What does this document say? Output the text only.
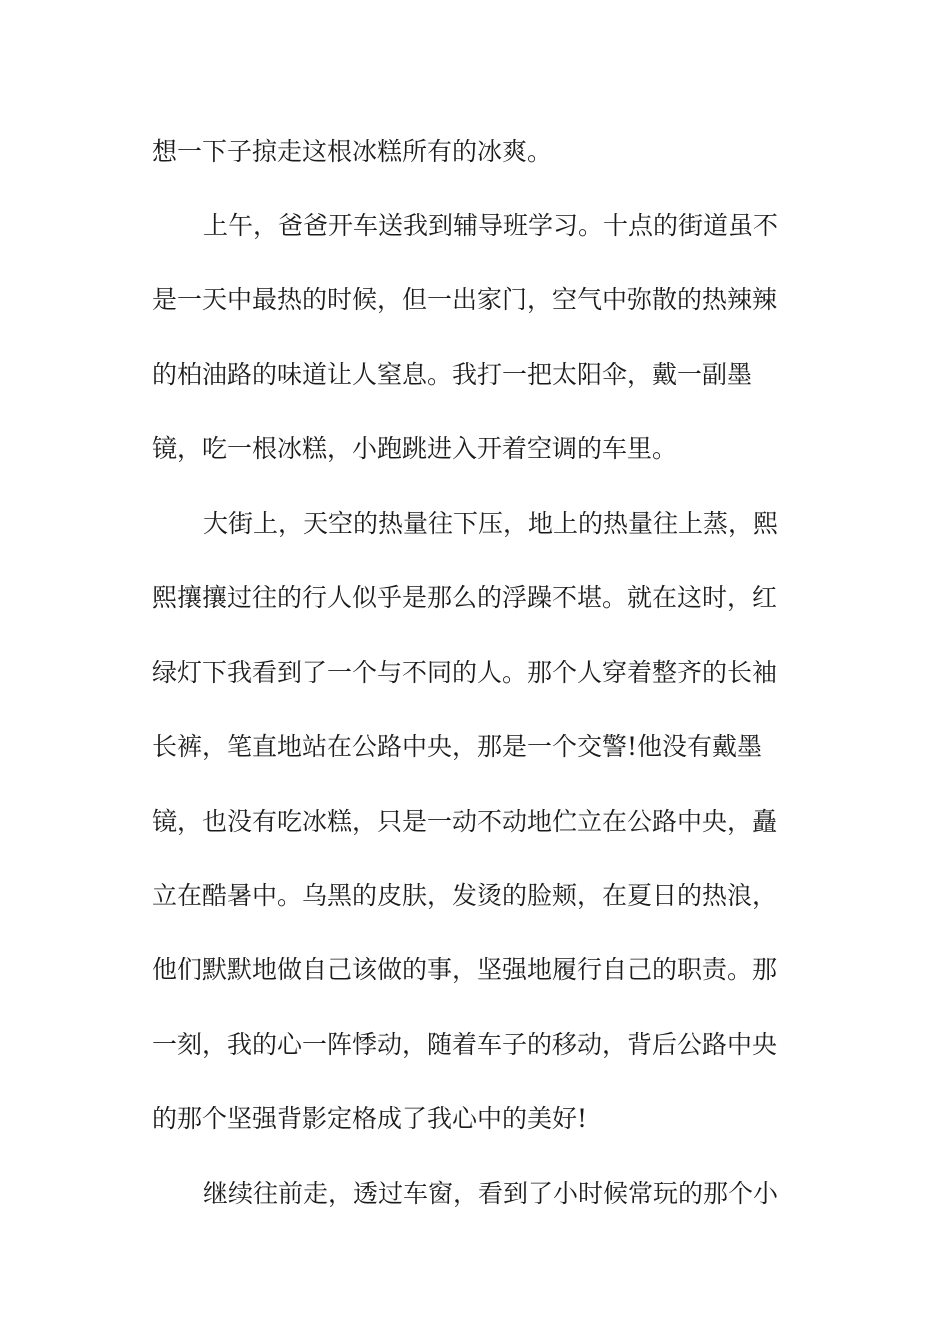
想一下子掠走这根冰糕所有的冰爽。
上午，爸爸开车送我到辅导班学习。十点的街道虽不
是一天中最热的时候，但一出家门，空气中弥散的热辣辣
的柏油路的味道让人窒息。我打一把太阳伞，戴一副墨
镜，吃一根冰糕，小跑跳进入开着空调的车里。
大街上，天空的热量往下压，地上的热量往上蒸，熙
熙攘攘过往的行人似乎是那么的浮躁不堪。就在这时，红
绿灯下我看到了一个与不同的人。那个人穿着整齐的长袖
长裤，笔直地站在公路中央，那是一个交警!他没有戴墨
镜，也没有吃冰糕，只是一动不动地伫立在公路中央，矗
立在酷暑中。乌黑的皮肤，发烫的脸颊，在夏日的热浪，
他们默默地做自己该做的事，坚强地履行自己的职责。那
一刻，我的心一阵悸动，随着车子的移动，背后公路中央
的那个坚强背影定格成了我心中的美好!
继续往前走，透过车窗，看到了小时候常玩的那个小
